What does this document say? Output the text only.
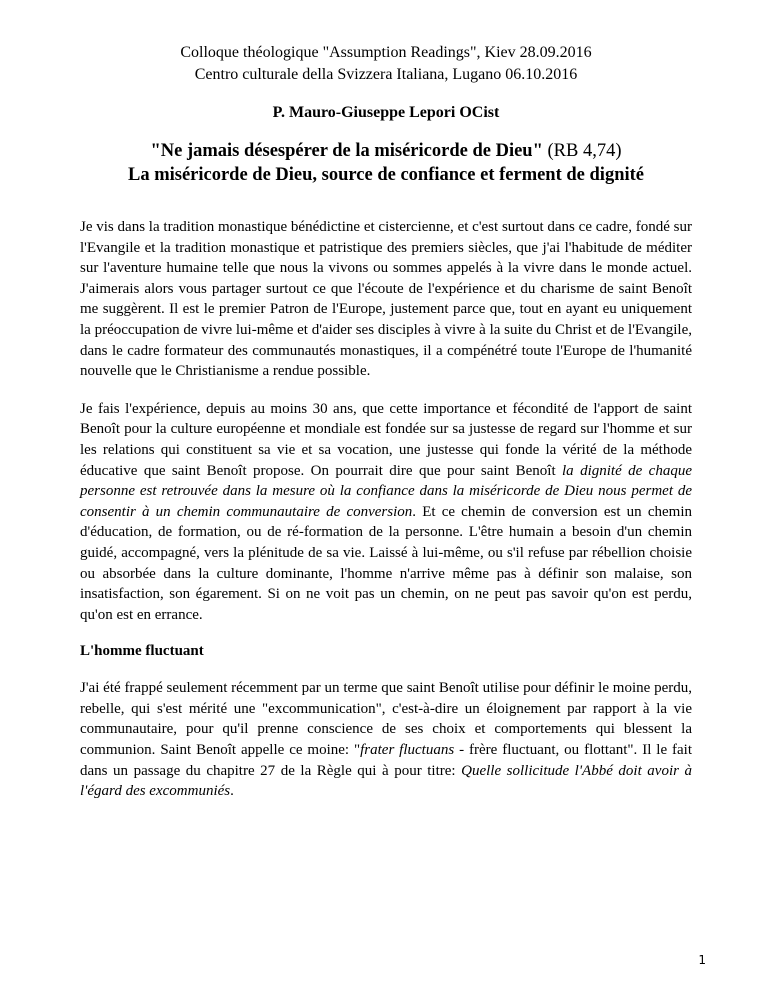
Colloque théologique "Assumption Readings", Kiev 28.09.2016
Centro culturale della Svizzera Italiana, Lugano 06.10.2016
P. Mauro-Giuseppe Lepori OCist
"Ne jamais désespérer de la miséricorde de Dieu" (RB 4,74)
La miséricorde de Dieu, source de confiance et ferment de dignité

Je vis dans la tradition monastique bénédictine et cistercienne, et c'est surtout dans ce cadre, fondé sur l'Evangile et la tradition monastique et patristique des premiers siècles, que j'ai l'habitude de méditer sur l'aventure humaine telle que nous la vivons ou sommes appelés à la vivre dans le monde actuel. J'aimerais alors vous partager surtout ce que l'écoute de l'expérience et du charisme de saint Benoît me suggèrent. Il est le premier Patron de l'Europe, justement parce que, tout en ayant eu uniquement la préoccupation de vivre lui-même et d'aider ses disciples à vivre à la suite du Christ et de l'Evangile, dans le cadre formateur des communautés monastiques, il a compénétré toute l'Europe de l'humanité nouvelle que le Christianisme a rendue possible.

Je fais l'expérience, depuis au moins 30 ans, que cette importance et fécondité de l'apport de saint Benoît pour la culture européenne et mondiale est fondée sur sa justesse de regard sur l'homme et sur les relations qui constituent sa vie et sa vocation, une justesse qui fonde la vérité de la méthode éducative que saint Benoît propose. On pourrait dire que pour saint Benoît la dignité de chaque personne est retrouvée dans la mesure où la confiance dans la miséricorde de Dieu nous permet de consentir à un chemin communautaire de conversion. Et ce chemin de conversion est un chemin d'éducation, de formation, ou de ré-formation de la personne. L'être humain a besoin d'un chemin guidé, accompagné, vers la plénitude de sa vie. Laissé à lui-même, ou s'il refuse par rébellion choisie ou absorbée dans la culture dominante, l'homme n'arrive même pas à définir son malaise, son insatisfaction, son égarement. Si on ne voit pas un chemin, on ne peut pas savoir qu'on est perdu, qu'on est en errance.

L'homme fluctuant

J'ai été frappé seulement récemment par un terme que saint Benoît utilise pour définir le moine perdu, rebelle, qui s'est mérité une "excommunication", c'est-à-dire un éloignement par rapport à la vie communautaire, pour qu'il prenne conscience de ses choix et comportements qui blessent la communion. Saint Benoît appelle ce moine: "frater fluctuans - frère fluctuant, ou flottant". Il le fait dans un passage du chapitre 27 de la Règle qui à pour titre: Quelle sollicitude l'Abbé doit avoir à l'égard des excommuniés.

1
